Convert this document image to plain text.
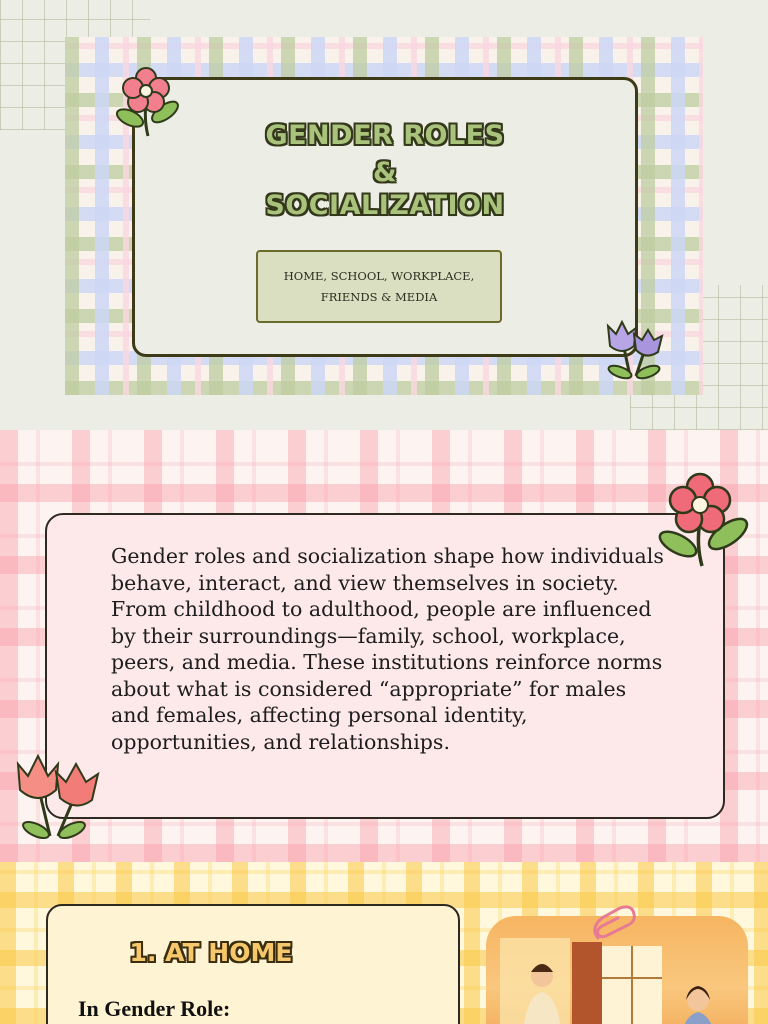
GENDER ROLES
&
SOCIALIZATION
HOME, SCHOOL, WORKPLACE,
FRIENDS & MEDIA

Gender roles and socialization shape how individuals behave, interact, and view themselves in society. From childhood to adulthood, people are influenced by their surroundings—family, school, workplace, peers, and media. These institutions reinforce norms about what is considered “appropriate” for males and females, affecting personal identity, opportunities, and relationships.

1. AT HOME
In Gender Role:
